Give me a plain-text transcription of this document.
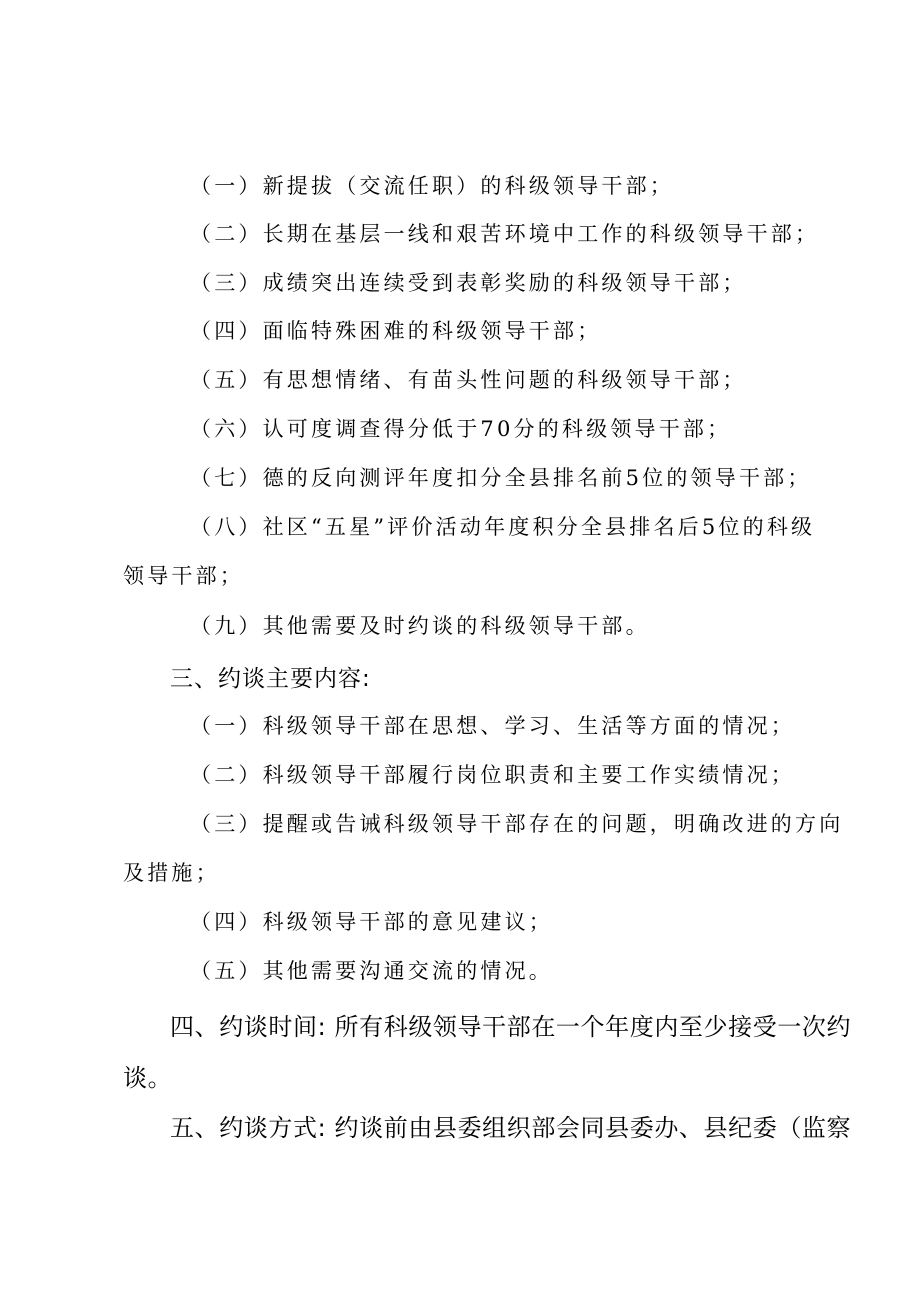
（一）新提拔（交流任职）的科级领导干部；
（二）长期在基层一线和艰苦环境中工作的科级领导干部；
（三）成绩突出连续受到表彰奖励的科级领导干部；
（四）面临特殊困难的科级领导干部；
（五）有思想情绪、有苗头性问题的科级领导干部；
（六）认可度调查得分低于70分的科级领导干部；
（七）德的反向测评年度扣分全县排名前5位的领导干部；
（八）社区“五星”评价活动年度积分全县排名后5位的科级
领导干部；
（九）其他需要及时约谈的科级领导干部。
三、约谈主要内容:
（一）科级领导干部在思想、学习、生活等方面的情况；
（二）科级领导干部履行岗位职责和主要工作实绩情况；
（三）提醒或告诫科级领导干部存在的问题，明确改进的方向
及措施；
（四）科级领导干部的意见建议；
（五）其他需要沟通交流的情况。
四、约谈时间: 所有科级领导干部在一个年度内至少接受一次约
谈。
五、约谈方式: 约谈前由县委组织部会同县委办、县纪委（监察
